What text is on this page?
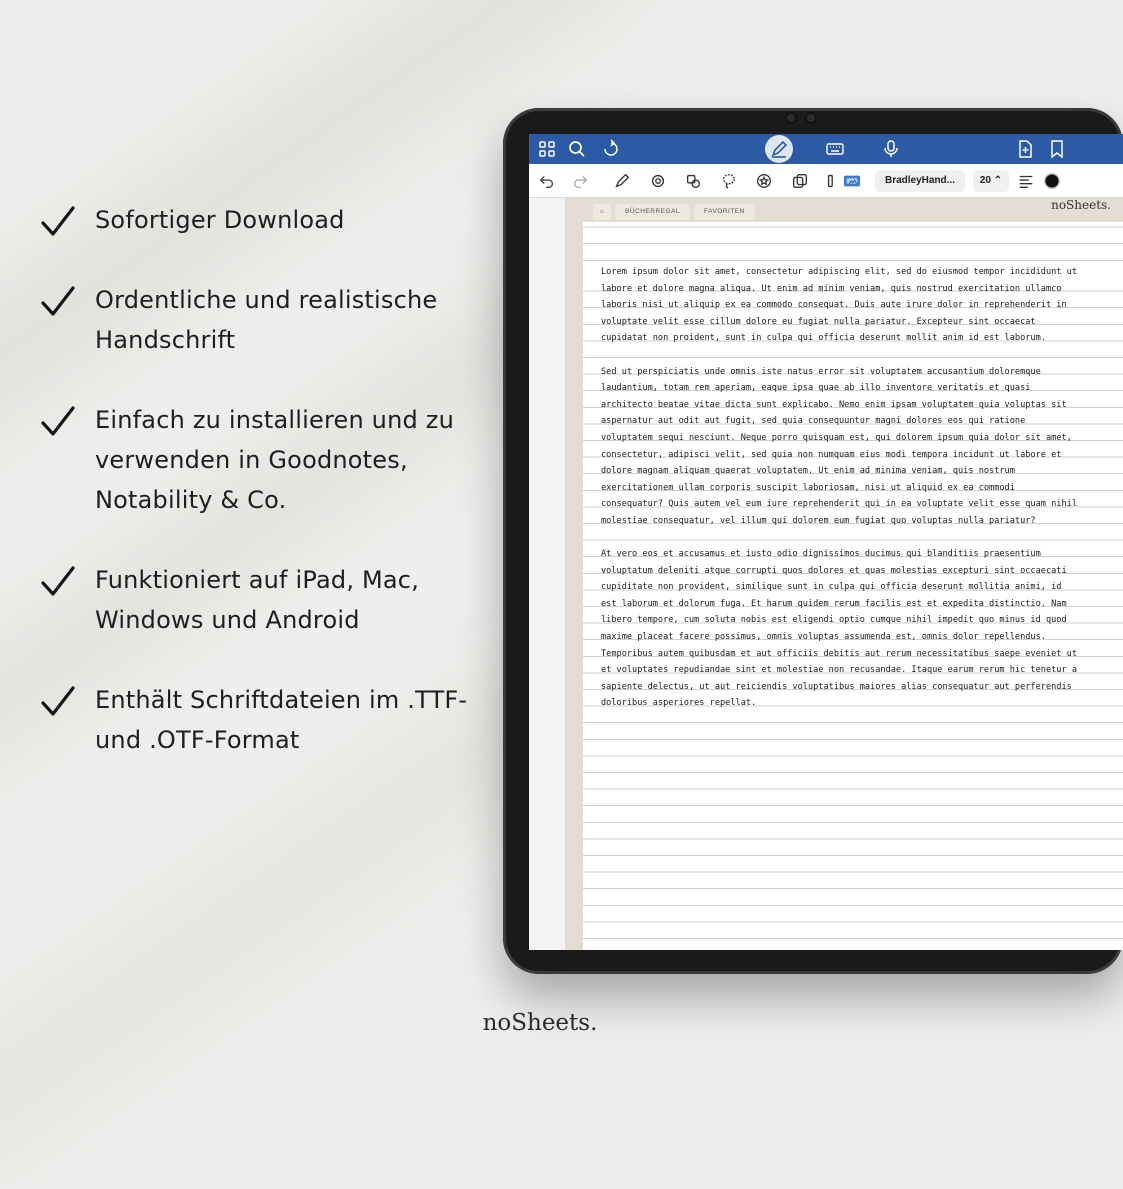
Sofortiger Download
Ordentliche und realistische
Handschrift
Einfach zu installieren und zu
verwenden in Goodnotes,
Notability & Co.
Funktioniert auf iPad, Mac,
Windows und Android
Enthält Schriftdateien im .TTF-
und .OTF-Format
BradleyHand...	20 ⌃
⌂	BÜCHERREGAL	FAVORITEN	noSheets.

Lorem ipsum dolor sit amet, consectetur adipiscing elit, sed do eiusmod tempor incididunt ut labore et dolore magna aliqua. Ut enim ad minim veniam, quis nostrud exercitation ullamco laboris nisi ut aliquip ex ea commodo consequat. Duis aute irure dolor in reprehenderit in voluptate velit esse cillum dolore eu fugiat nulla pariatur. Excepteur sint occaecat cupidatat non proident, sunt in culpa qui officia deserunt mollit anim id est laborum.

Sed ut perspiciatis unde omnis iste natus error sit voluptatem accusantium doloremque laudantium, totam rem aperiam, eaque ipsa quae ab illo inventore veritatis et quasi architecto beatae vitae dicta sunt explicabo. Nemo enim ipsam voluptatem quia voluptas sit aspernatur aut odit aut fugit, sed quia consequuntur magni dolores eos qui ratione voluptatem sequi nesciunt. Neque porro quisquam est, qui dolorem ipsum quia dolor sit amet, consectetur, adipisci velit, sed quia non numquam eius modi tempora incidunt ut labore et dolore magnam aliquam quaerat voluptatem. Ut enim ad minima veniam, quis nostrum exercitationem ullam corporis suscipit laboriosam, nisi ut aliquid ex ea commodi consequatur? Quis autem vel eum iure reprehenderit qui in ea voluptate velit esse quam nihil molestiae consequatur, vel illum qui dolorem eum fugiat quo voluptas nulla pariatur?

At vero eos et accusamus et iusto odio dignissimos ducimus qui blanditiis praesentium voluptatum deleniti atque corrupti quos dolores et quas molestias excepturi sint occaecati cupiditate non provident, similique sunt in culpa qui officia deserunt mollitia animi, id est laborum et dolorum fuga. Et harum quidem rerum facilis est et expedita distinctio. Nam libero tempore, cum soluta nobis est eligendi optio cumque nihil impedit quo minus id quod maxime placeat facere possimus, omnis voluptas assumenda est, omnis dolor repellendus. Temporibus autem quibusdam et aut officiis debitis aut rerum necessitatibus saepe eveniet ut et voluptates repudiandae sint et molestiae non recusandae. Itaque earum rerum hic tenetur a sapiente delectus, ut aut reiciendis voluptatibus maiores alias consequatur aut perferendis doloribus asperiores repellat.

noSheets.
